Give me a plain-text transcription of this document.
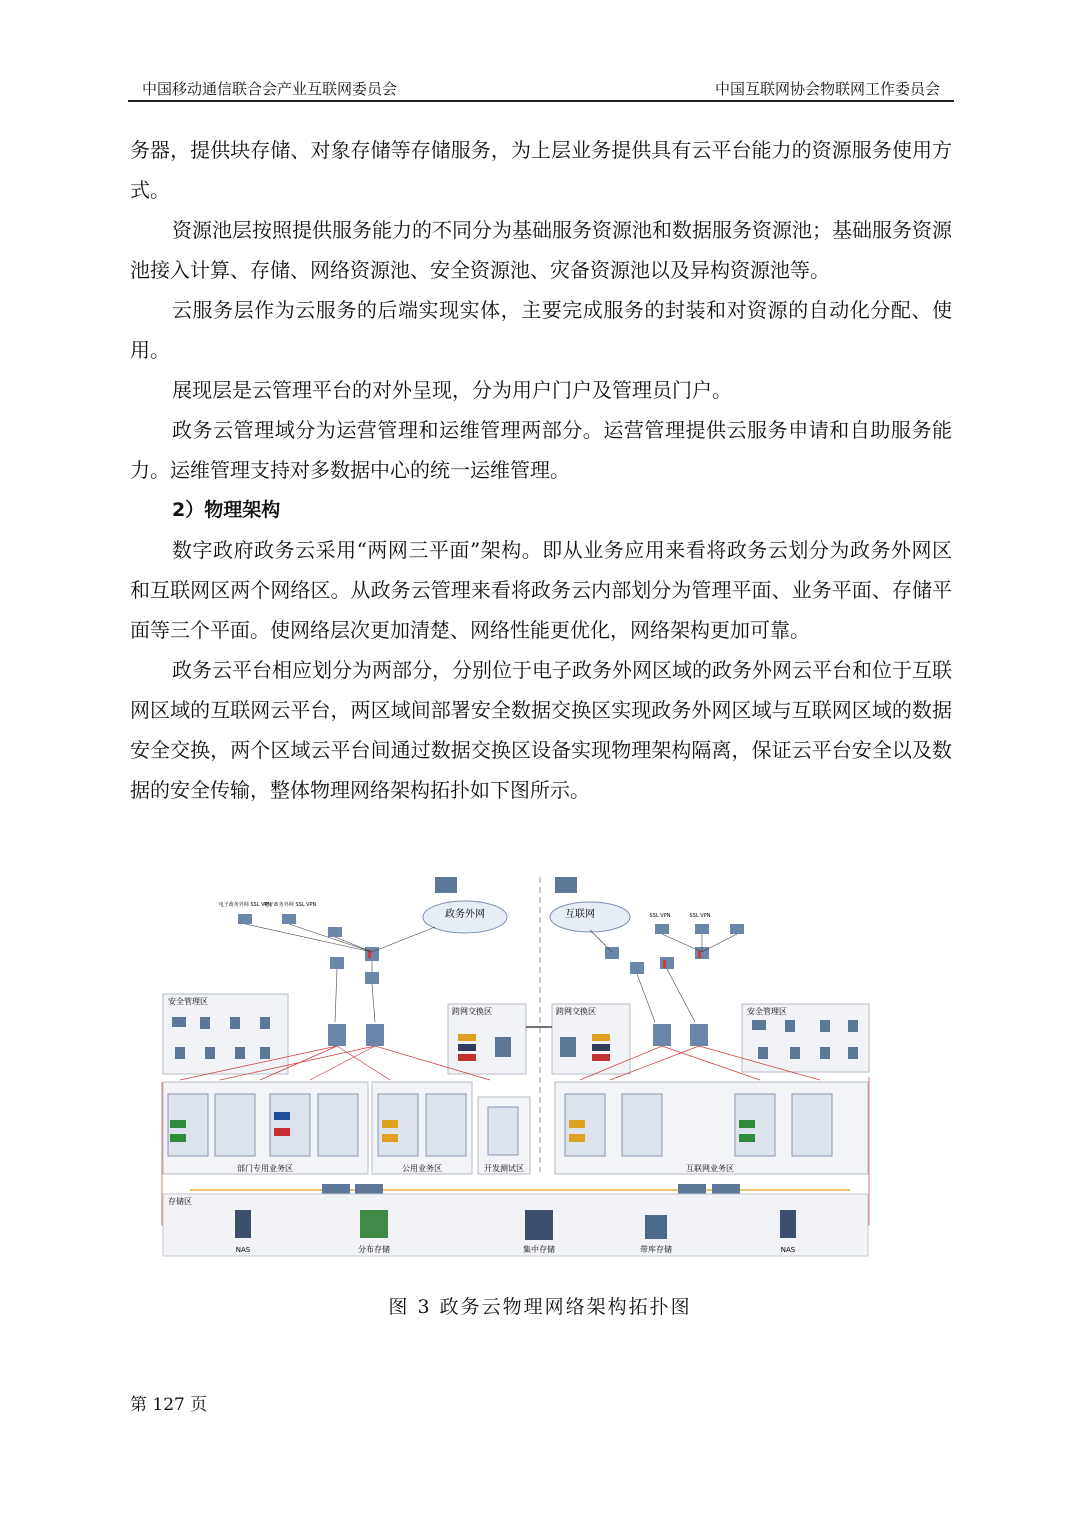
中国移动通信联合会产业互联网委员会	中国互联网协会物联网工作委员会

务器，提供块存储、对象存储等存储服务，为上层业务提供具有云平台能力的资源服务使用方式。

资源池层按照提供服务能力的不同分为基础服务资源池和数据服务资源池；基础服务资源池接入计算、存储、网络资源池、安全资源池、灾备资源池以及异构资源池等。

云服务层作为云服务的后端实现实体，主要完成服务的封装和对资源的自动化分配、使用。

展现层是云管理平台的对外呈现，分为用户门户及管理员门户。

政务云管理域分为运营管理和运维管理两部分。运营管理提供云服务申请和自助服务能力。运维管理支持对多数据中心的统一运维管理。

2）物理架构

数字政府政务云采用“两网三平面”架构。即从业务应用来看将政务云划分为政务外网区和互联网区两个网络区。从政务云管理来看将政务云内部划分为管理平面、业务平面、存储平面等三个平面。使网络层次更加清楚、网络性能更优化，网络架构更加可靠。

政务云平台相应划分为两部分，分别位于电子政务外网区域的政务外网云平台和位于互联网区域的互联网云平台，两区域间部署安全数据交换区实现政务外网区域与互联网区域的数据安全交换，两个区域云平台间通过数据交换区设备实现物理架构隔离，保证云平台安全以及数据的安全传输，整体物理网络架构拓扑如下图所示。

政务外网	互联网
电子政务外网 SSL VPN
电子政务外网 SSL VPN
SSL VPN	SSL VPN
安全管理区
安全管理区
跨网交换区	跨网交换区
部门专用业务区	公用业务区	开发测试区	互联网业务区
存储区
NAS	分布存储	集中存储	带库存储	NAS
图 3 政务云物理网络架构拓扑图
第 127 页
